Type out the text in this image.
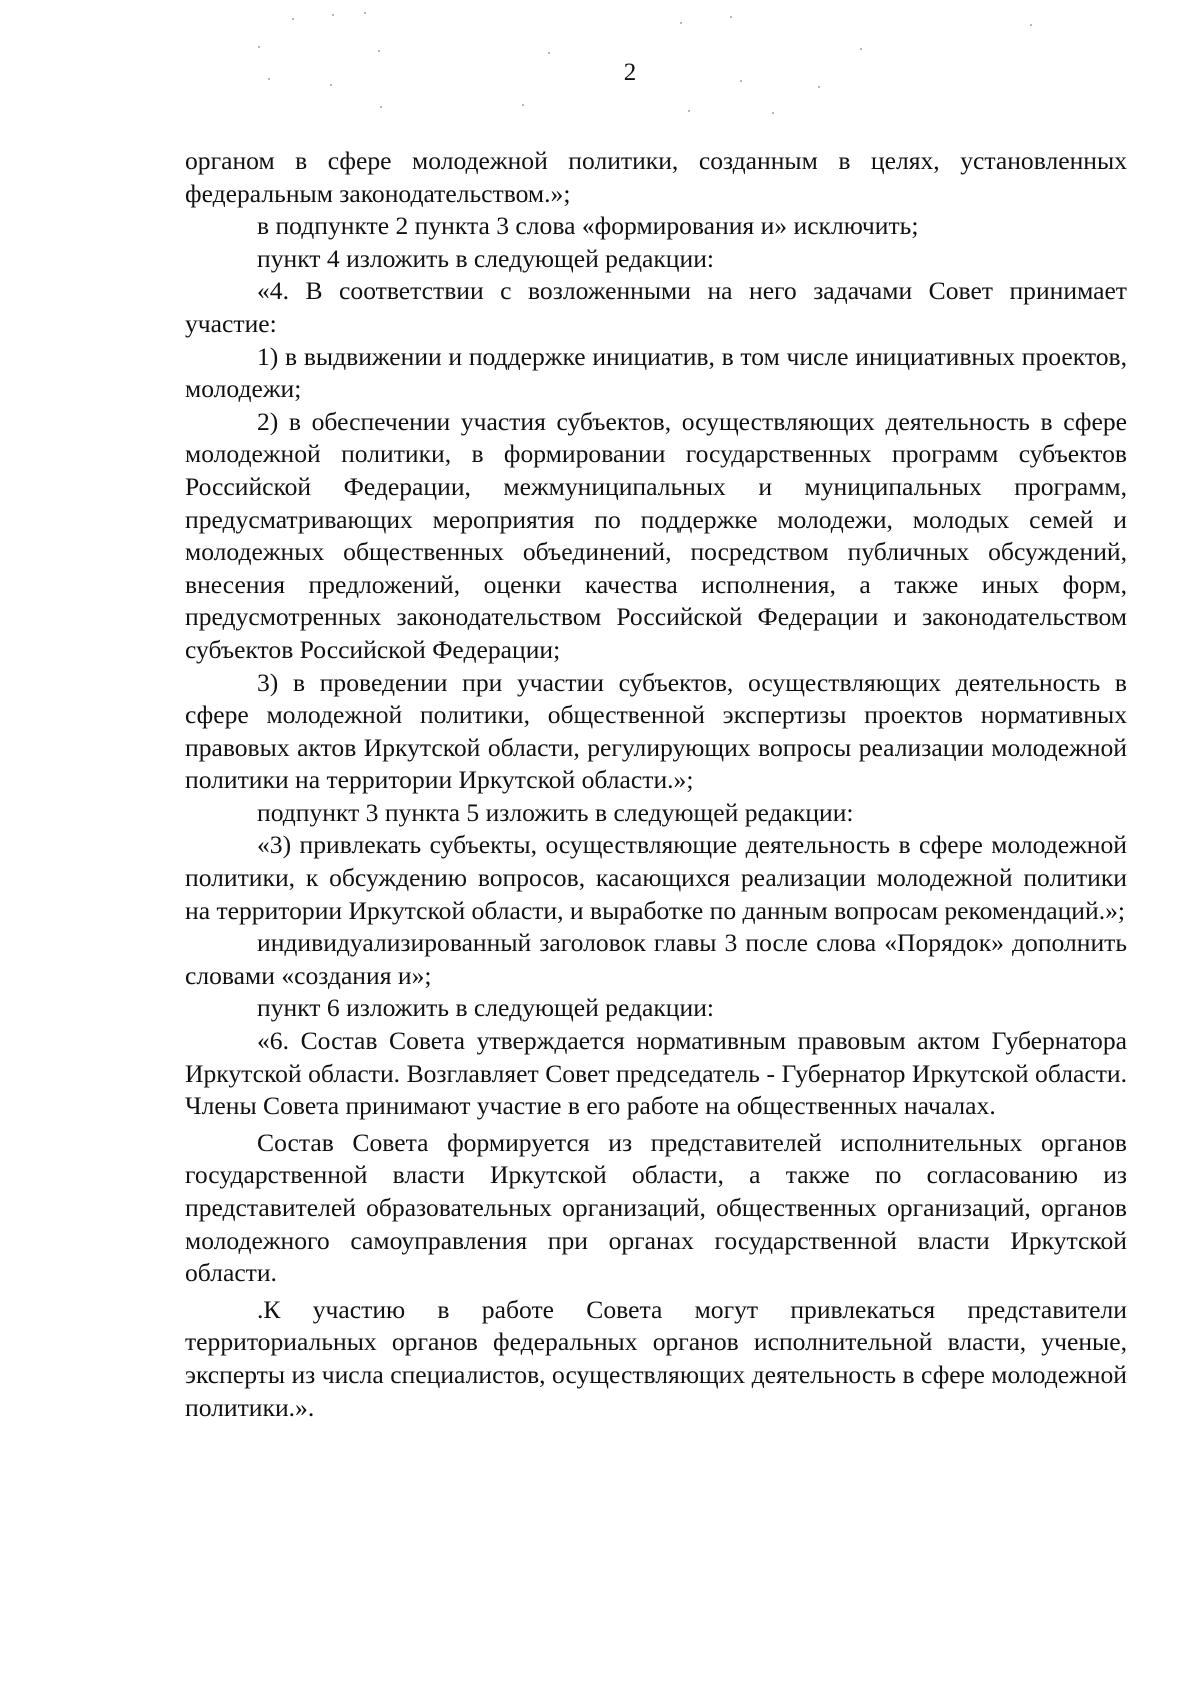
2

органом в сфере молодежной политики, созданным в целях, установленных федеральным законодательством.»;

в подпункте 2 пункта 3 слова «формирования и» исключить;

пункт 4 изложить в следующей редакции:

«4. В соответствии с возложенными на него задачами Совет принимает участие:

1) в выдвижении и поддержке инициатив, в том числе инициативных проектов, молодежи;

2) в обеспечении участия субъектов, осуществляющих деятельность в сфере молодежной политики, в формировании государственных программ субъектов Российской Федерации, межмуниципальных и муниципальных программ, предусматривающих мероприятия по поддержке молодежи, молодых семей и молодежных общественных объединений, посредством публичных обсуждений, внесения предложений, оценки качества исполнения, а также иных форм, предусмотренных законодательством Российской Федерации и законодательством субъектов Российской Федерации;

3) в проведении при участии субъектов, осуществляющих деятельность в сфере молодежной политики, общественной экспертизы проектов нормативных правовых актов Иркутской области, регулирующих вопросы реализации молодежной политики на территории Иркутской области.»;

подпункт 3 пункта 5 изложить в следующей редакции:

«3) привлекать субъекты, осуществляющие деятельность в сфере молодежной политики, к обсуждению вопросов, касающихся реализации молодежной политики на территории Иркутской области, и выработке по данным вопросам рекомендаций.»;

индивидуализированный заголовок главы 3 после слова «Порядок» дополнить словами «создания и»;

пункт 6 изложить в следующей редакции:

«6. Состав Совета утверждается нормативным правовым актом Губернатора Иркутской области. Возглавляет Совет председатель - Губернатор Иркутской области. Члены Совета принимают участие в его работе на общественных началах.

Состав Совета формируется из представителей исполнительных органов государственной власти Иркутской области, а также по согласованию из представителей образовательных организаций, общественных организаций, органов молодежного самоуправления при органах государственной власти Иркутской области.

.К участию в работе Совета могут привлекаться представители территориальных органов федеральных органов исполнительной власти, ученые, эксперты из числа специалистов, осуществляющих деятельность в сфере молодежной политики.».
